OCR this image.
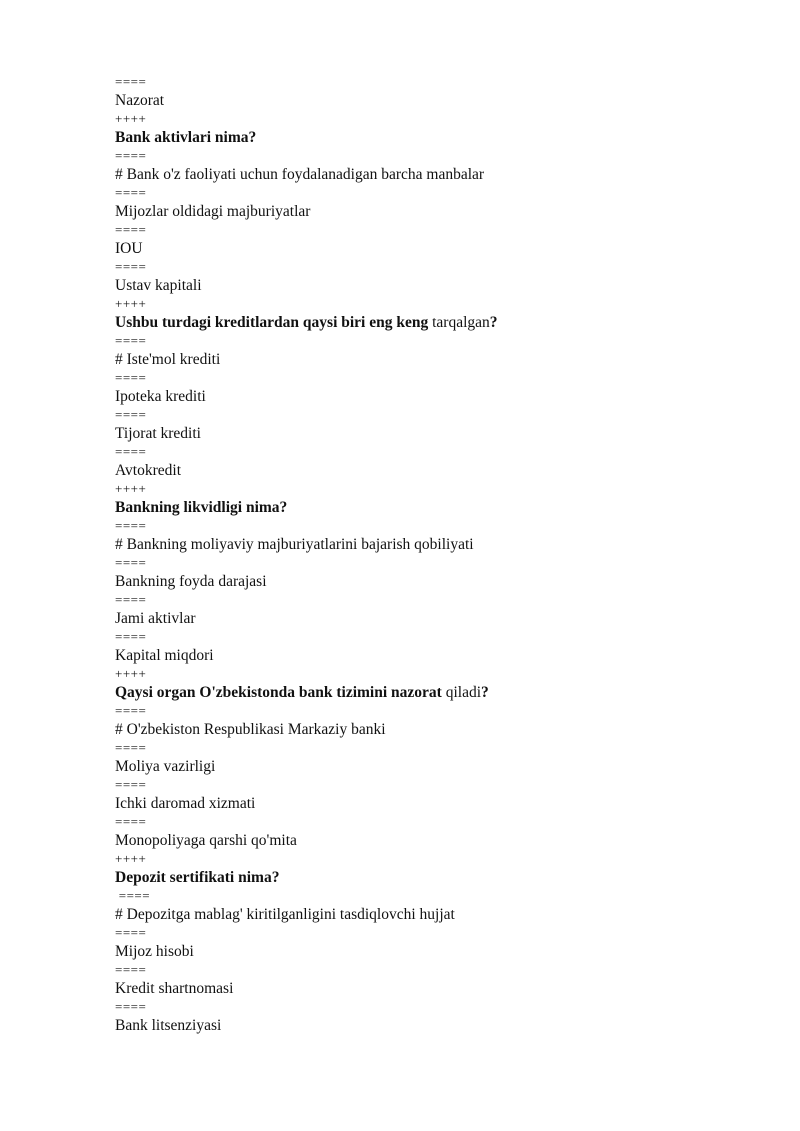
====
Nazorat
++++
Bank aktivlari nima?
====
# Bank o'z faoliyati uchun foydalanadigan barcha manbalar
====
Mijozlar oldidagi majburiyatlar
====
IOU
====
Ustav kapitali
++++
Ushbu turdagi kreditlardan qaysi biri eng keng tarqalgan?
====
# Iste'mol krediti
====
Ipoteka krediti
====
Tijorat krediti
====
Avtokredit
++++
Bankning likvidligi nima?
====
# Bankning moliyaviy majburiyatlarini bajarish qobiliyati
====
Bankning foyda darajasi
====
Jami aktivlar
====
Kapital miqdori
++++
Qaysi organ O'zbekistonda bank tizimini nazorat qiladi?
====
# O'zbekiston Respublikasi Markaziy banki
====
Moliya vazirligi
====
Ichki daromad xizmati
====
Monopoliyaga qarshi qo'mita
++++
Depozit sertifikati nima?
====
# Depozitga mablag' kiritilganligini tasdiqlovchi hujjat
====
Mijoz hisobi
====
Kredit shartnomasi
====
Bank litsenziyasi
